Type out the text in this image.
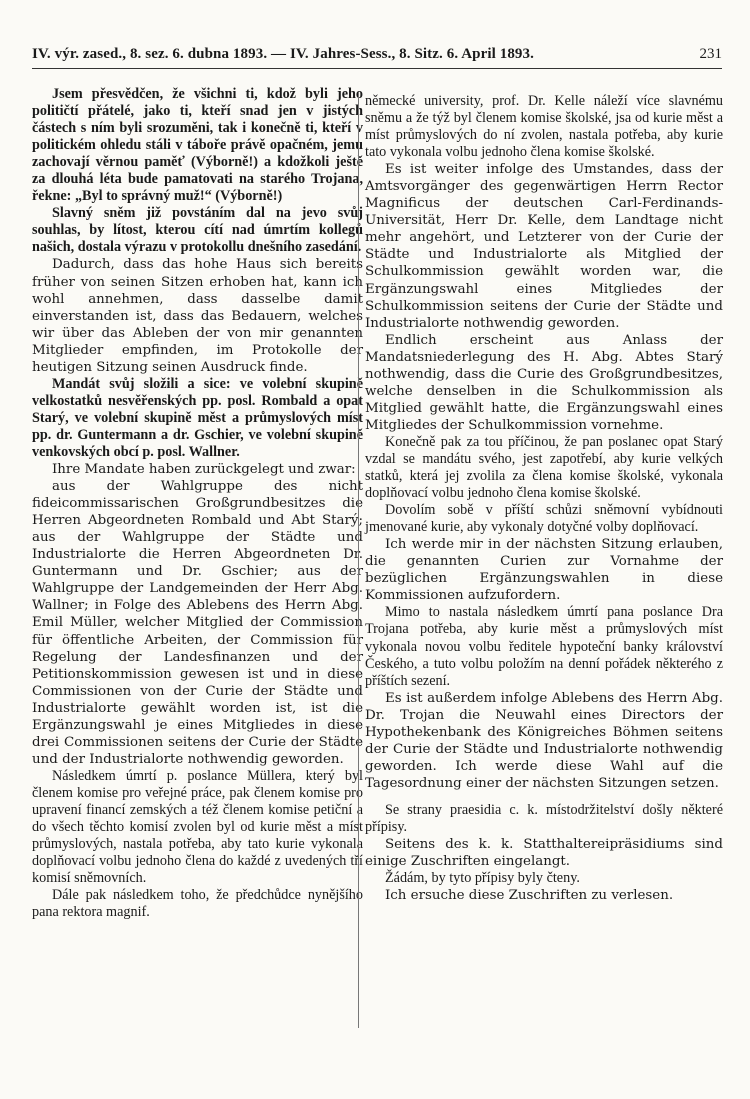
IV. výr. zased., 8. sez. 6. dubna 1893. — IV. Jahres-Sess., 8. Sitz. 6. April 1893.	231

Jsem přesvědčen, že všichni ti, kdož byli jeho političtí přátelé, jako ti, kteří snad jen v jistých částech s ním byli srozuměni, tak i konečně ti, kteří v politickém ohledu stáli v táboře právě opačném, jemu zachovají věrnou paměť (Výborně!) a kdožkoli ještě za dlouhá léta bude pamatovati na starého Trojana, řekne: „Byl to správný muž!“ (Výborně!)

Slavný sněm již povstáním dal na jevo svůj souhlas, by lítost, kterou cítí nad úmrtím kollegů našich, dostala výrazu v protokollu dnešního zasedání.

Dadurch, dass das hohe Haus sich bereits früher von seinen Sitzen erhoben hat, kann ich wohl annehmen, dass dasselbe damit einverstanden ist, dass das Bedauern, welches wir über das Ableben der von mir genannten Mitglieder empfinden, im Protokolle der heutigen Sitzung seinen Ausdruck finde.

Mandát svůj složili a sice: ve volební skupině velkostatků nesvěřenských pp. posl. Rombald a opat Starý, ve volební skupině měst a průmyslových míst pp. dr. Guntermann a dr. Gschier, ve volební skupině venkovských obcí p. posl. Wallner.

Ihre Mandate haben zurückgelegt und zwar:

aus der Wahlgruppe des nicht fideicommissarischen Großgrundbesitzes die Herren Abgeordneten Rombald und Abt Starý; aus der Wahlgruppe der Städte und Industrialorte die Herren Abgeordneten Dr. Guntermann und Dr. Gschier; aus der Wahlgruppe der Landgemeinden der Herr Abg. Wallner; in Folge des Ablebens des Herrn Abg. Emil Müller, welcher Mitglied der Commission für öffentliche Arbeiten, der Commission für Regelung der Landesfinanzen und der Petitionskommission gewesen ist und in diese Commissionen von der Curie der Städte und Industrialorte gewählt worden ist, ist die Ergänzungswahl je eines Mitgliedes in diese drei Commissionen seitens der Curie der Städte und der Industrialorte nothwendig geworden.

Následkem úmrtí p. poslance Müllera, který byl členem komise pro veřejné práce, pak členem komise pro upravení financí zemských a též členem komise petiční a do všech těchto komisí zvolen byl od kurie měst a míst průmyslových, nastala potřeba, aby tato kurie vykonala doplňovací volbu jednoho člena do každé z uvedených tří komisí sněmovních.

Dále pak následkem toho, že předchůdce nynějšího pana rektora magnif.

německé university, prof. Dr. Kelle náleží více slavnému sněmu a že týž byl členem komise školské, jsa od kurie měst a míst průmyslových do ní zvolen, nastala potřeba, aby kurie tato vykonala volbu jednoho člena komise školské.

Es ist weiter infolge des Umstandes, dass der Amtsvorgänger des gegenwärtigen Herrn Rector Magnificus der deutschen Carl-Ferdinands-Universität, Herr Dr. Kelle, dem Landtage nicht mehr angehört, und Letzterer von der Curie der Städte und Industrialorte als Mitglied der Schulkommission gewählt worden war, die Ergänzungswahl eines Mitgliedes der Schulkommission seitens der Curie der Städte und Industrialorte nothwendig geworden.

Endlich erscheint aus Anlass der Mandatsniederlegung des H. Abg. Abtes Starý nothwendig, dass die Curie des Großgrundbesitzes, welche denselben in die Schulkommission als Mitglied gewählt hatte, die Ergänzungswahl eines Mitgliedes der Schulkommission vornehme.

Konečně pak za tou příčinou, že pan poslanec opat Starý vzdal se mandátu svého, jest zapotřebí, aby kurie velkých statků, která jej zvolila za člena komise školské, vykonala doplňovací volbu jednoho člena komise školské.

Dovolím sobě v příští schůzi sněmovní vybídnouti jmenované kurie, aby vykonaly dotyčné volby doplňovací.

Ich werde mir in der nächsten Sitzung erlauben, die genannten Curien zur Vornahme der bezüglichen Ergänzungswahlen in diese Kommissionen aufzufordern.

Mimo to nastala následkem úmrtí pana poslance Dra Trojana potřeba, aby kurie měst a průmyslových míst vykonala novou volbu ředitele hypoteční banky království Českého, a tuto volbu položím na denní pořádek některého z příštích sezení.

Es ist außerdem infolge Ablebens des Herrn Abg. Dr. Trojan die Neuwahl eines Directors der Hypothekenbank des Königreiches Böhmen seitens der Curie der Städte und Industrialorte nothwendig geworden. Ich werde diese Wahl auf die Tagesordnung einer der nächsten Sitzungen setzen.

Se strany praesidia c. k. místodržitelství došly některé přípisy.

Seitens des k. k. Statthaltereipräsidiums sind einige Zuschriften eingelangt.

Žádám, by tyto přípisy byly čteny.

Ich ersuche diese Zuschriften zu verlesen.
